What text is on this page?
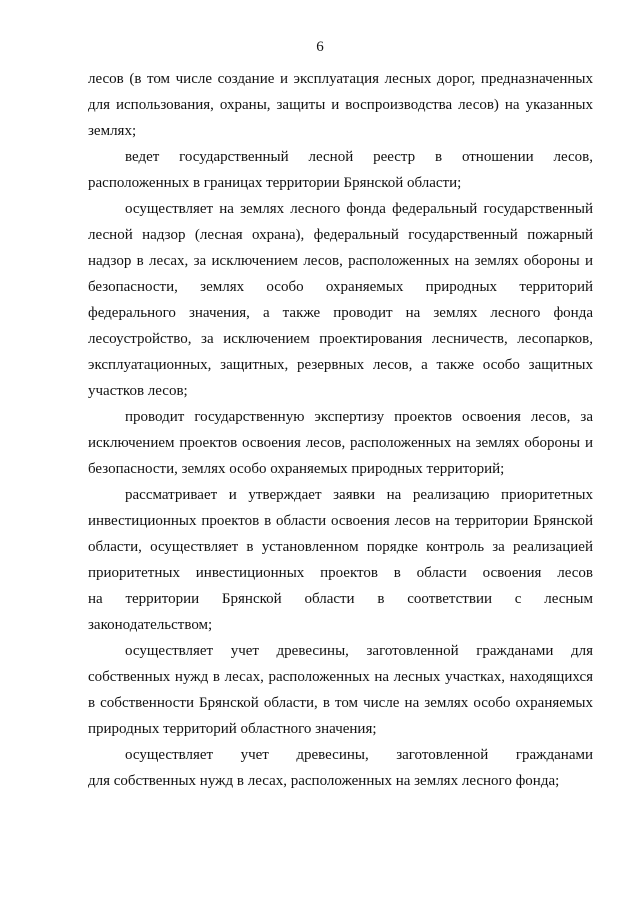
6
лесов (в том числе создание и эксплуатация лесных дорог, предназначенных
для использования, охраны, защиты и воспроизводства лесов) на указанных
землях;
ведет государственный лесной реестр в отношении лесов,
расположенных в границах территории Брянской области;
осуществляет на землях лесного фонда федеральный государственный
лесной надзор (лесная охрана), федеральный государственный пожарный
надзор в лесах, за исключением лесов, расположенных на землях обороны и
безопасности, землях особо охраняемых природных территорий
федерального значения, а также проводит на землях лесного фонда
лесоустройство, за исключением проектирования лесничеств, лесопарков,
эксплуатационных, защитных, резервных лесов, а также особо защитных
участков лесов;
проводит государственную экспертизу проектов освоения лесов, за
исключением проектов освоения лесов, расположенных на землях обороны и
безопасности, землях особо охраняемых природных территорий;
рассматривает и утверждает заявки на реализацию приоритетных
инвестиционных проектов в области освоения лесов на территории Брянской
области, осуществляет в установленном порядке контроль за реализацией
приоритетных инвестиционных проектов в области освоения лесов
на территории Брянской области в соответствии с лесным
законодательством;
осуществляет учет древесины, заготовленной гражданами для
собственных нужд в лесах, расположенных на лесных участках, находящихся
в собственности Брянской области, в том числе на землях особо охраняемых
природных территорий областного значения;
осуществляет учет древесины, заготовленной гражданами
для собственных нужд в лесах, расположенных на землях лесного фонда;
